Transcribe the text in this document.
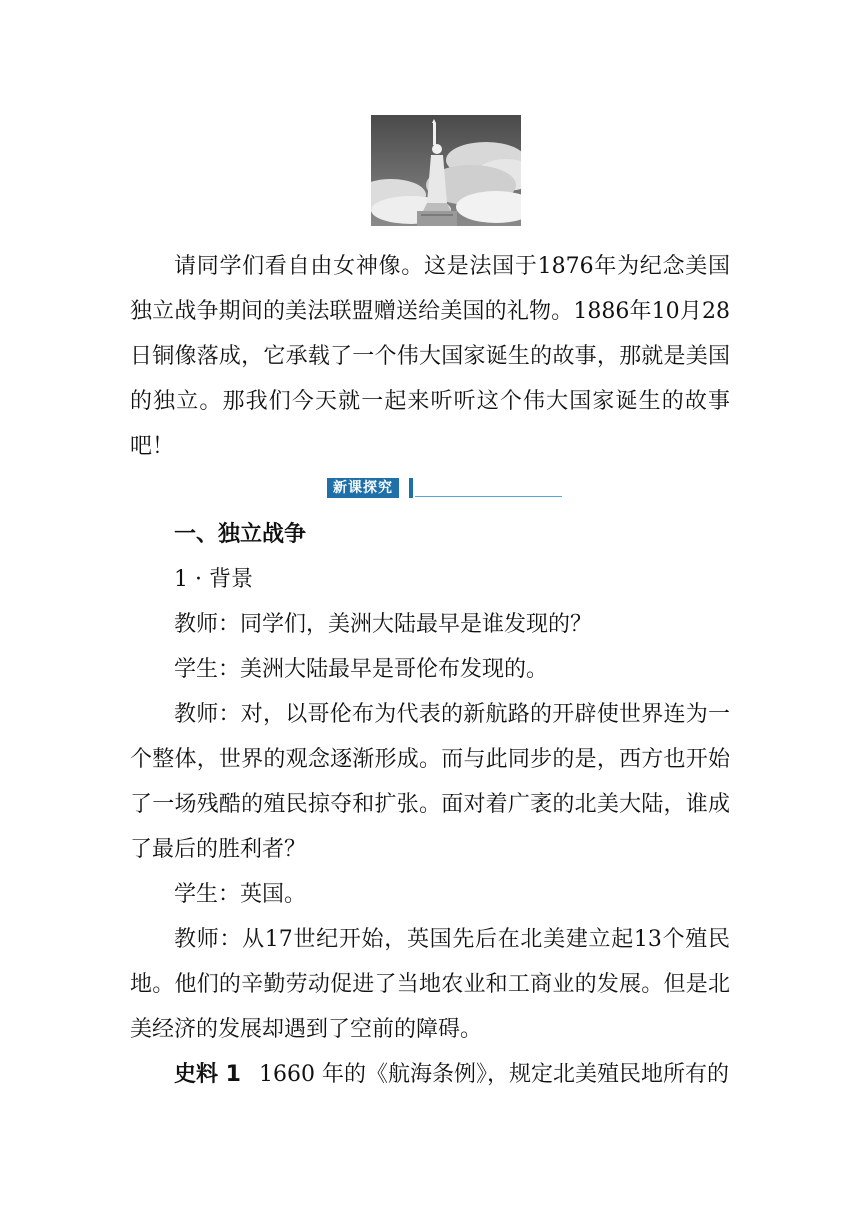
请同学们看自由女神像。这是法国于1876年为纪念美国独立战争期间的美法联盟赠送给美国的礼物。1886年10月28日铜像落成，它承载了一个伟大国家诞生的故事，那就是美国的独立。那我们今天就一起来听听这个伟大国家诞生的故事吧！

新课探究

一、独立战争

1 · 背景

教师：同学们，美洲大陆最早是谁发现的？

学生：美洲大陆最早是哥伦布发现的。

教师：对，以哥伦布为代表的新航路的开辟使世界连为一个整体，世界的观念逐渐形成。而与此同步的是，西方也开始了一场残酷的殖民掠夺和扩张。面对着广袤的北美大陆，谁成了最后的胜利者？

学生：英国。

教师：从17世纪开始，英国先后在北美建立起13个殖民地。他们的辛勤劳动促进了当地农业和工商业的发展。但是北美经济的发展却遇到了空前的障碍。

史料 1 1660 年的《航海条例》，规定北美殖民地所有的
